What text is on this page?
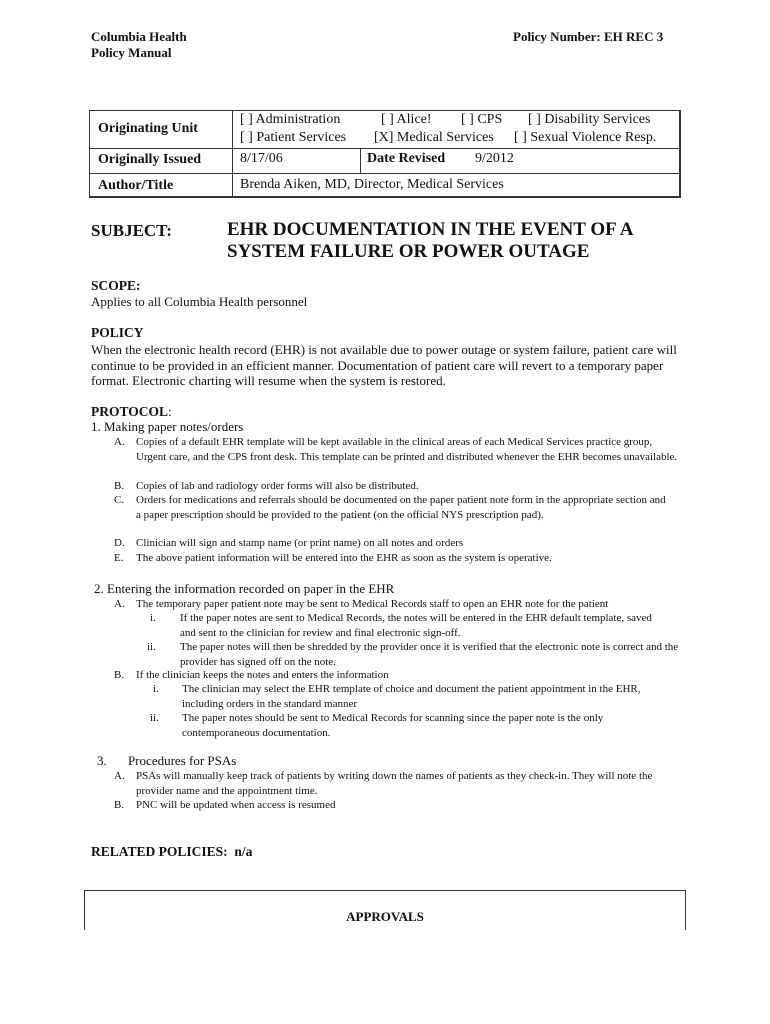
Columbia Health
Policy Manual
Policy Number: EH REC 3
Originating Unit
[ ] Administration	[ ] Alice! [ ] CPS [ ] Disability Services
[ ] Patient Services [X] Medical Services [ ] Sexual Violence Resp.
Originally Issued	8/17/06	Date Revised 9/2012
Author/Title	Brenda Aiken, MD, Director, Medical Services
SUBJECT:	EHR DOCUMENTATION IN THE EVENT OF A SYSTEM FAILURE OR POWER OUTAGE
SCOPE:
Applies to all Columbia Health personnel
POLICY
When the electronic health record (EHR) is not available due to power outage or system failure, patient care will continue to be provided in an efficient manner. Documentation of patient care will revert to a temporary paper format. Electronic charting will resume when the system is restored.
PROTOCOL:
1. Making paper notes/orders
A.	Copies of a default EHR template will be kept available in the clinical areas of each Medical Services practice group, Urgent care, and the CPS front desk. This template can be printed and distributed whenever the EHR becomes unavailable.
B.	Copies of lab and radiology order forms will also be distributed.
C.	Orders for medications and referrals should be documented on the paper patient note form in the appropriate section and a paper prescription should be provided to the patient (on the official NYS prescription pad).
D.	Clinician will sign and stamp name (or print name) on all notes and orders
E.	The above patient information will be entered into the EHR as soon as the system is operative.
2. Entering the information recorded on paper in the EHR
A.	The temporary paper patient note may be sent to Medical Records staff to open an EHR note for the patient
i.	If the paper notes are sent to Medical Records, the notes will be entered in the EHR default template, saved and sent to the clinician for review and final electronic sign-off.
ii.	The paper notes will then be shredded by the provider once it is verified that the electronic note is correct and the provider has signed off on the note.
B.	If the clinician keeps the notes and enters the information
i.	The clinician may select the EHR template of choice and document the patient appointment in the EHR, including orders in the standard manner
ii.	The paper notes should be sent to Medical Records for scanning since the paper note is the only contemporaneous documentation.
3. Procedures for PSAs
A.	PSAs will manually keep track of patients by writing down the names of patients as they check-in. They will note the provider name and the appointment time.
B.	PNC will be updated when access is resumed
RELATED POLICIES: n/a
APPROVALS
